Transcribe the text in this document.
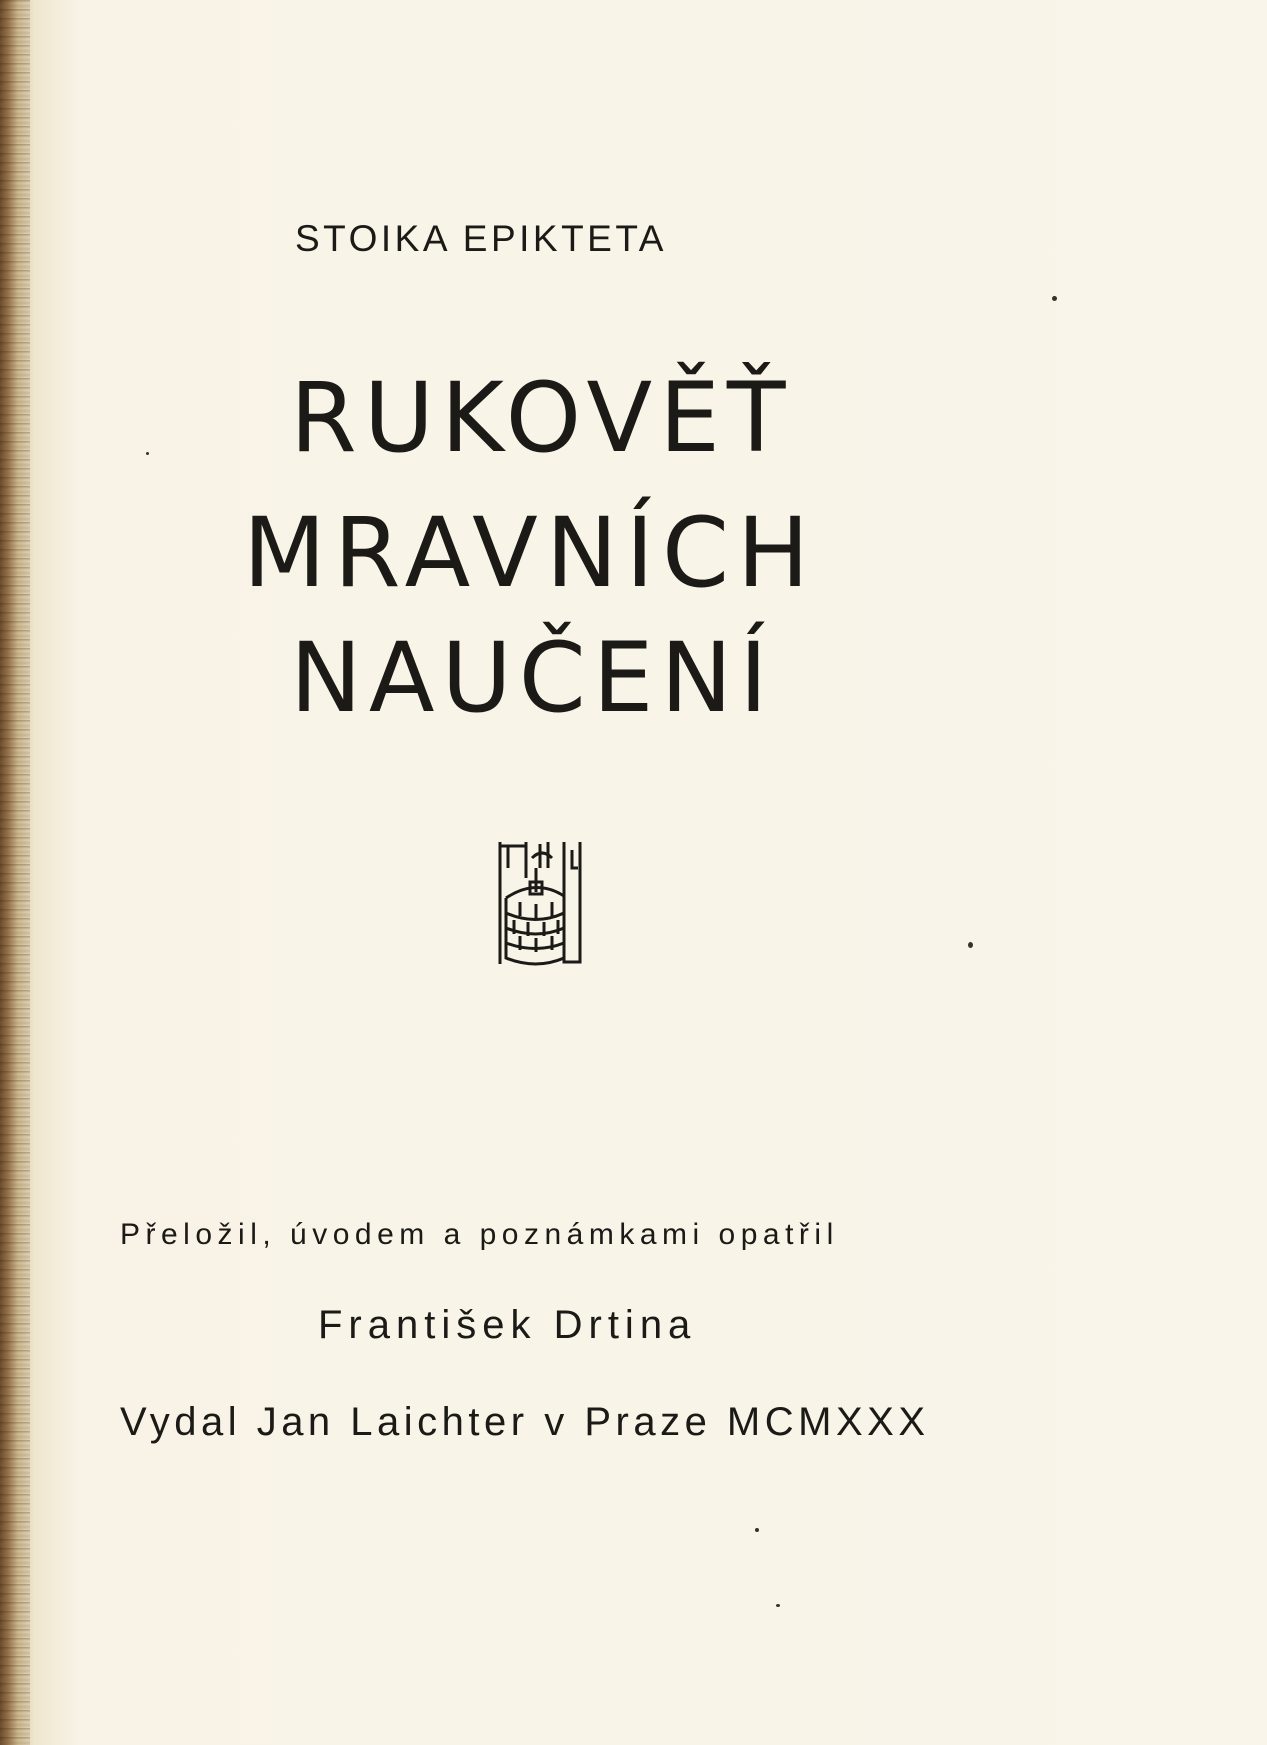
STOIKA EPIKTETA
RUKOVĚŤ
MRAVNÍCH
NAUČENÍ
Přeložil, úvodem a poznámkami opatřil
František Drtina
Vydal Jan Laichter v Praze MCMXXX
